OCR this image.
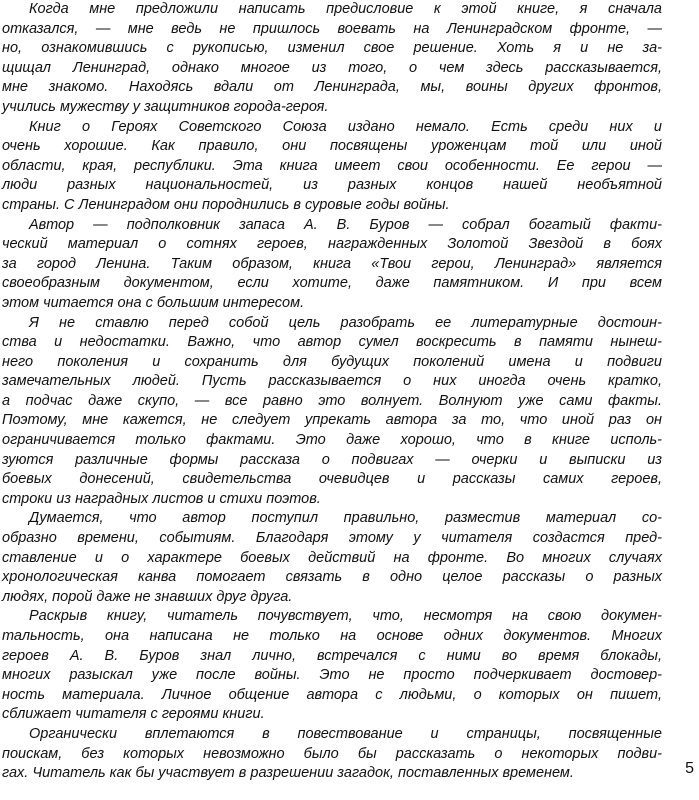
Когда мне предложили написать предисловие к этой книге, я сначала
отказался, — мне ведь не пришлось воевать на Ленинградском фронте, —
но, ознакомившись с рукописью, изменил свое решение. Хоть я и не за-
щищал Ленинград, однако многое из того, о чем здесь рассказывается,
мне знакомо. Находясь вдали от Ленинграда, мы, воины других фронтов,
учились мужеству у защитников города-героя.
Книг о Героях Советского Союза издано немало. Есть среди них и
очень хорошие. Как правило, они посвящены уроженцам той или иной
области, края, республики. Эта книга имеет свои особенности. Ее герои —
люди разных национальностей, из разных концов нашей необъятной
страны. С Ленинградом они породнились в суровые годы войны.
Автор — подполковник запаса А. В. Буров — собрал богатый факти-
ческий материал о сотнях героев, награжденных Золотой Звездой в боях
за город Ленина. Таким образом, книга «Твои герои, Ленинград» является
своеобразным документом, если хотите, даже памятником. И при всем
этом читается она с большим интересом.
Я не ставлю перед собой цель разобрать ее литературные достоин-
ства и недостатки. Важно, что автор сумел воскресить в памяти нынеш-
него поколения и сохранить для будущих поколений имена и подвиги
замечательных людей. Пусть рассказывается о них иногда очень кратко,
а подчас даже скупо, — все равно это волнует. Волнуют уже сами факты.
Поэтому, мне кажется, не следует упрекать автора за то, что иной раз он
ограничивается только фактами. Это даже хорошо, что в книге исполь-
зуются различные формы рассказа о подвигах — очерки и выписки из
боевых донесений, свидетельства очевидцев и рассказы самих героев,
строки из наградных листов и стихи поэтов.
Думается, что автор поступил правильно, разместив материал со-
образно времени, событиям. Благодаря этому у читателя создастся пред-
ставление и о характере боевых действий на фронте. Во многих случаях
хронологическая канва помогает связать в одно целое рассказы о разных
людях, порой даже не знавших друг друга.
Раскрыв книгу, читатель почувствует, что, несмотря на свою докумен-
тальность, она написана не только на основе одних документов. Многих
героев А. В. Буров знал лично, встречался с ними во время блокады,
многих разыскал уже после войны. Это не просто подчеркивает достовер-
ность материала. Личное общение автора с людьми, о которых он пишет,
сближает читателя с героями книги.
Органически вплетаются в повествование и страницы, посвященные
поискам, без которых невозможно было бы рассказать о некоторых подви-
гах. Читатель как бы участвует в разрешении загадок, поставленных временем.	5
